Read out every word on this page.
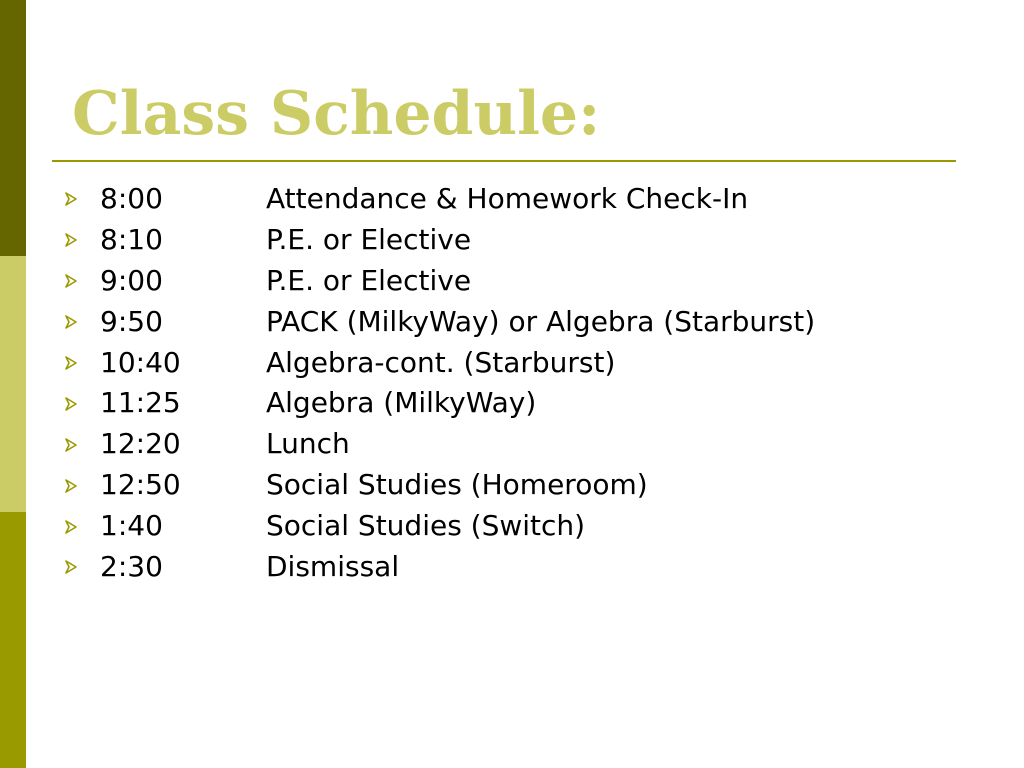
Class Schedule:
8:00	Attendance & Homework Check-In
8:10	P.E. or Elective
9:00	P.E. or Elective
9:50	PACK (MilkyWay) or Algebra (Starburst)
10:40	Algebra-cont. (Starburst)
11:25	Algebra (MilkyWay)
12:20	Lunch
12:50	Social Studies (Homeroom)
1:40	Social Studies (Switch)
2:30	Dismissal
